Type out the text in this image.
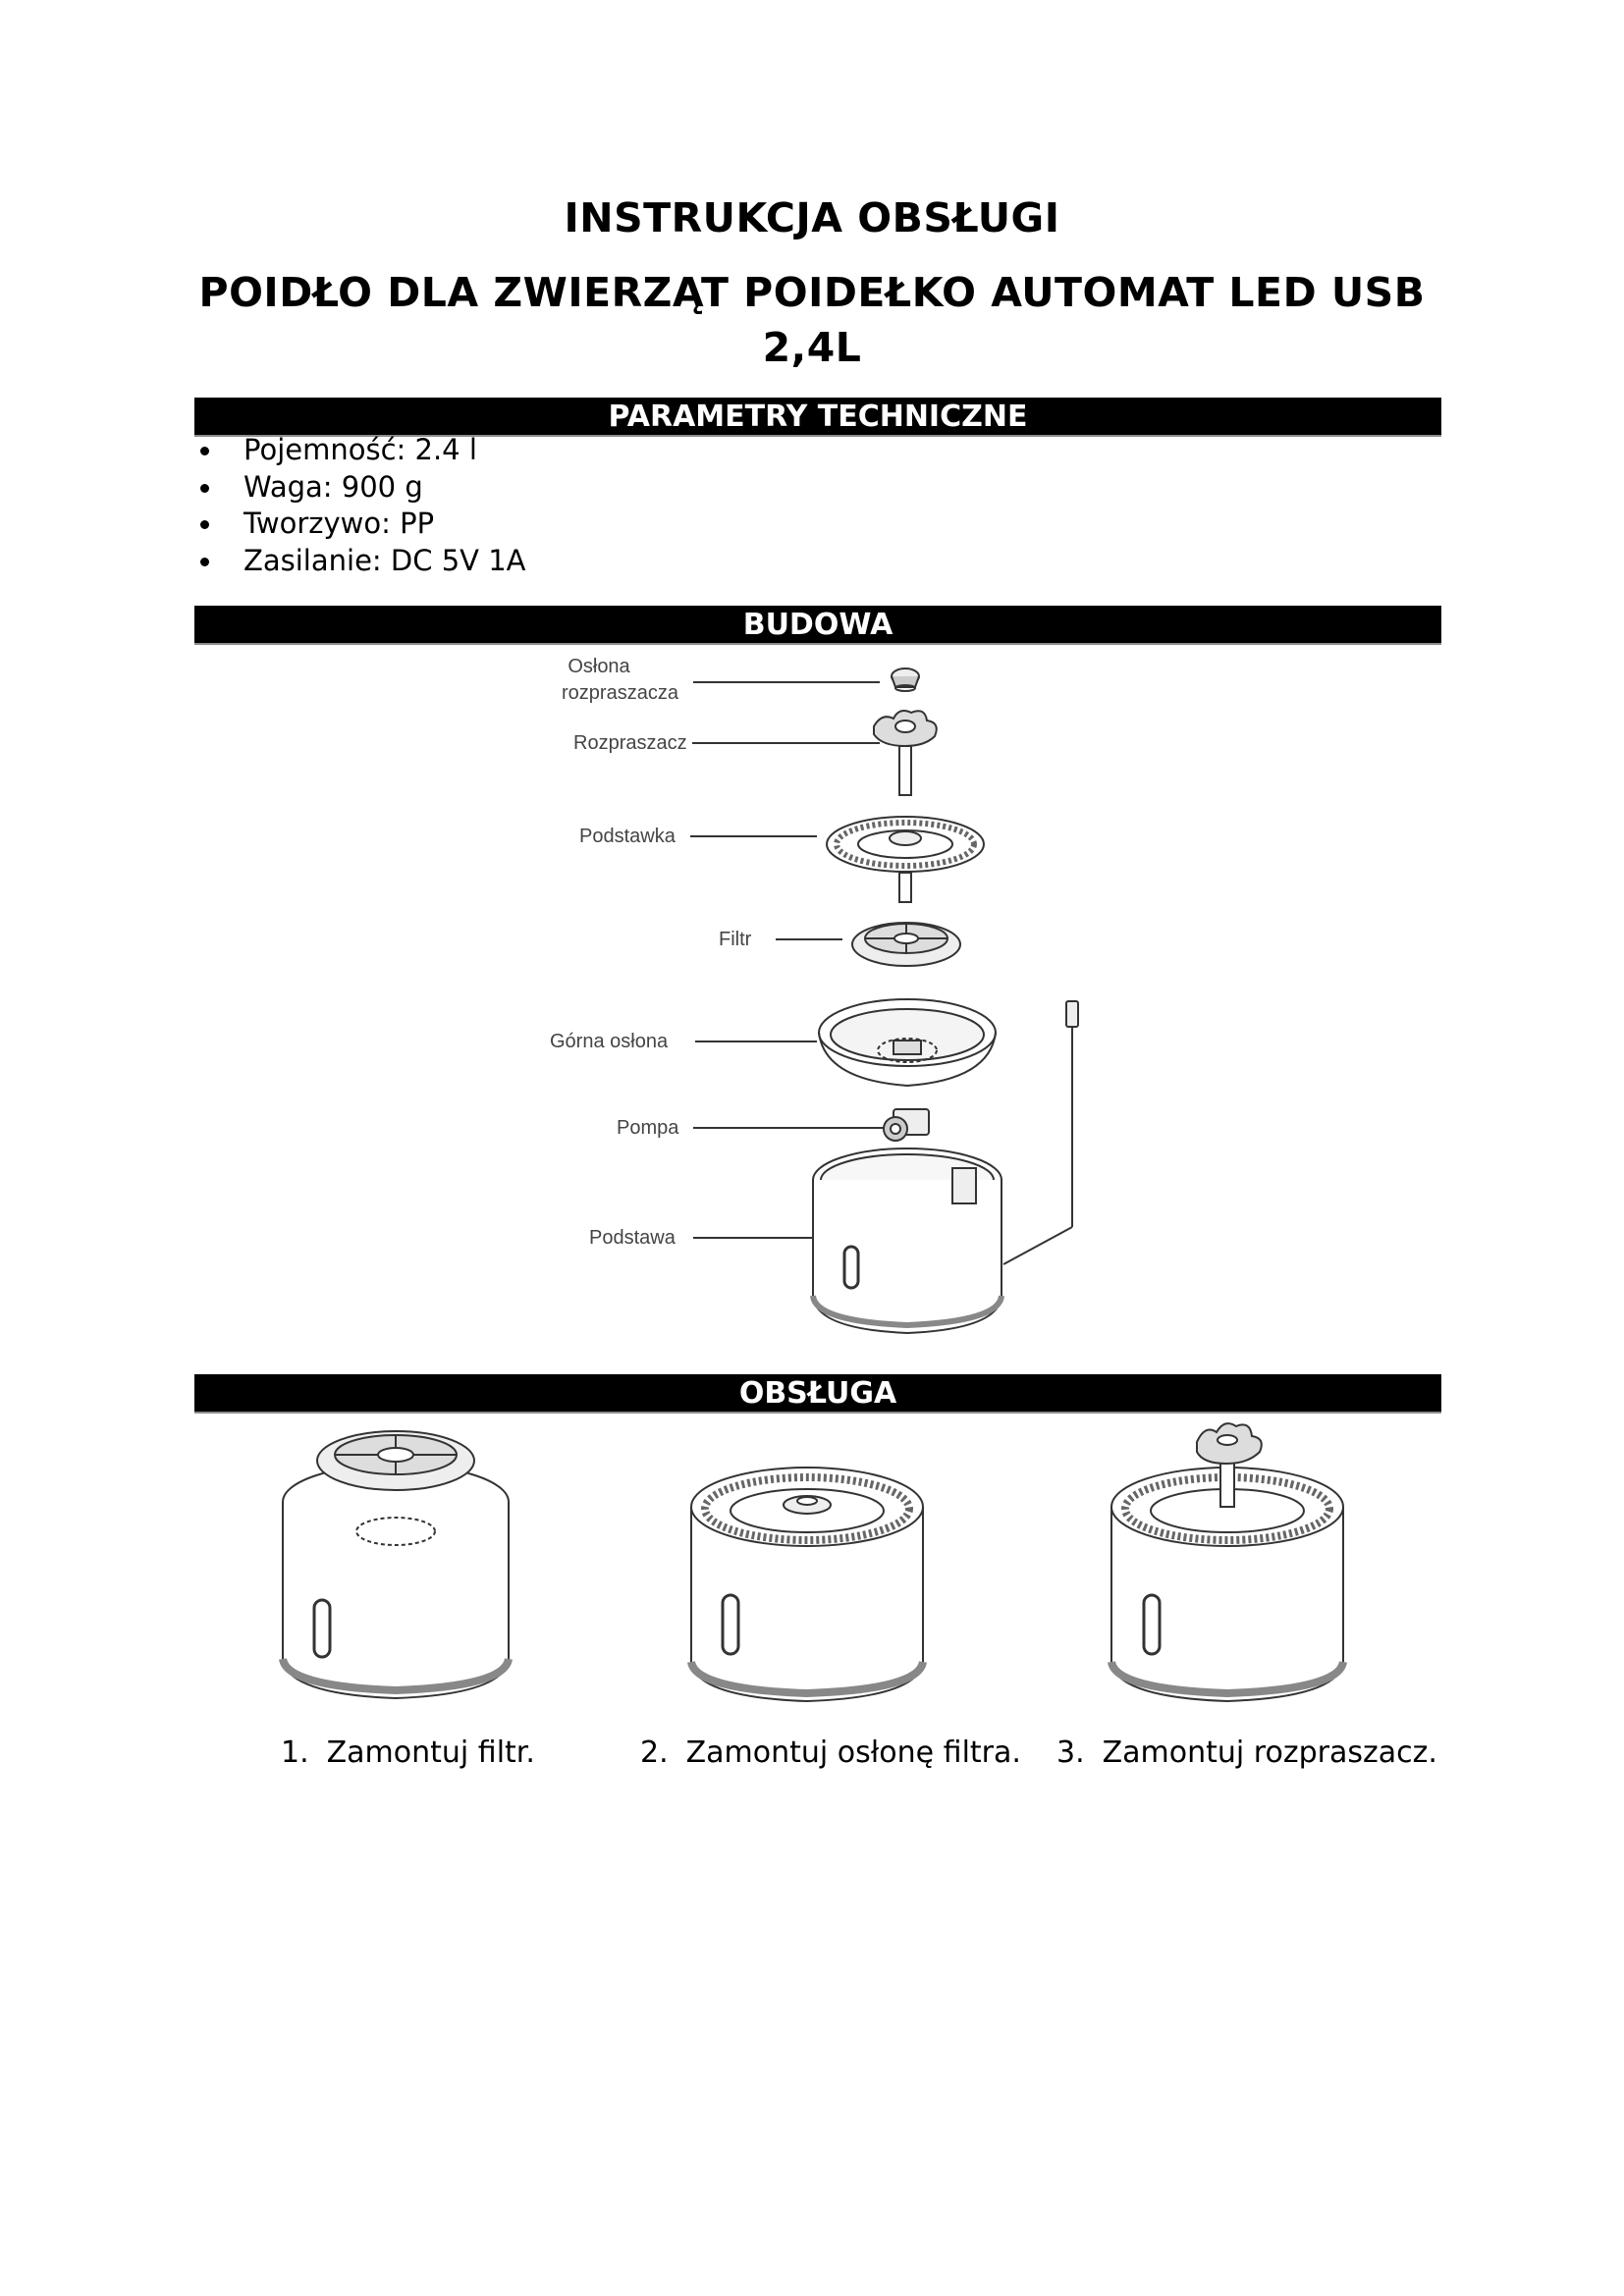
INSTRUKCJA OBSŁUGI
POIDŁO DLA ZWIERZĄT POIDEŁKO AUTOMAT LED USB
2,4L
PARAMETRY TECHNICZNE
Pojemność: 2.4 l
Waga: 900 g
Tworzywo: PP
Zasilanie: DC 5V 1A
BUDOWA
Osłona
rozpraszacza
Rozpraszacz
Podstawka
Filtr
Górna osłona
Pompa
Podstawa
OBSŁUGA
1. Zamontuj filtr.	2. Zamontuj osłonę filtra. 3. Zamontuj rozpraszacz.
